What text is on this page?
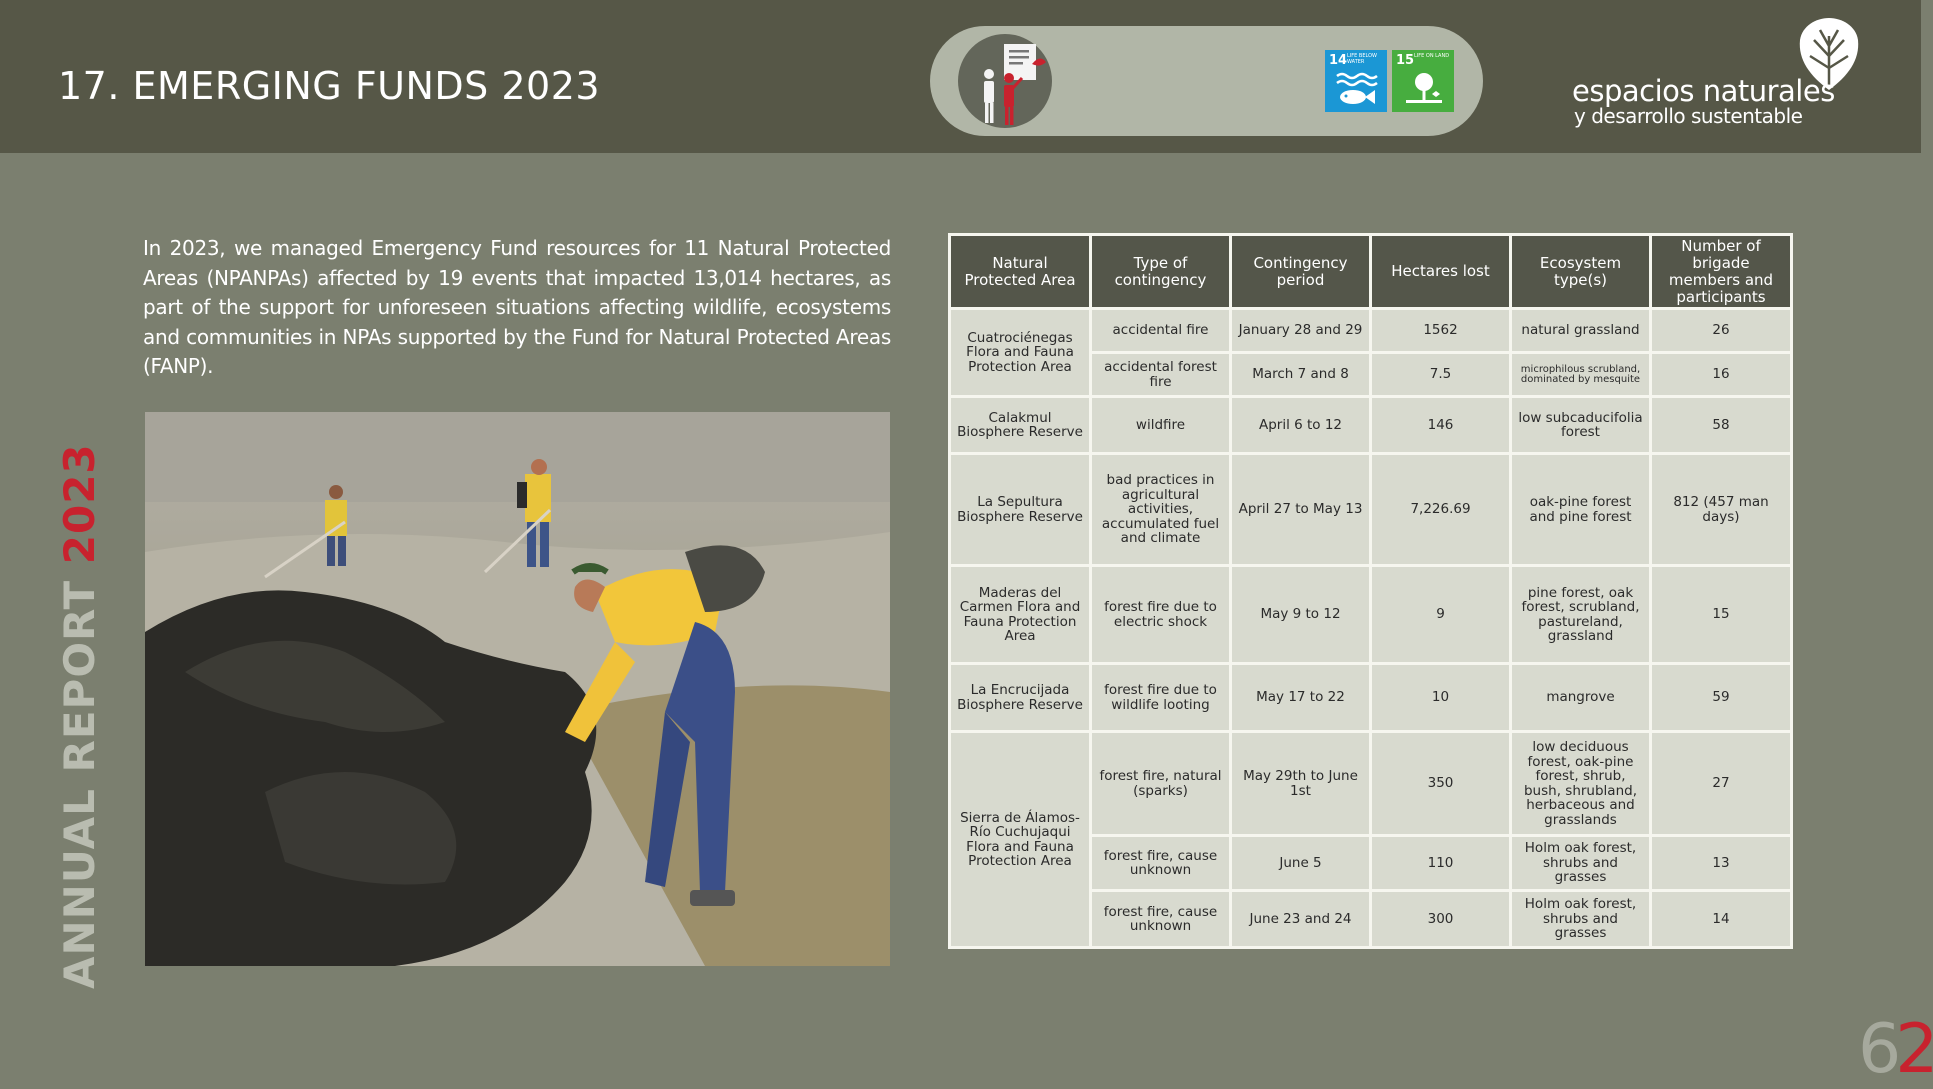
17. EMERGING FUNDS 2023
14 LIFE BELOW WATER	15 LIFE ON LAND
espacios naturales
y desarrollo sustentable

In 2023, we managed Emergency Fund resources for 11 Natural Protected Areas (NPANPAs) affected by 19 events that impacted 13,014 hectares, as part of the support for unforeseen situations affecting wildlife, ecosystems and communities in NPAs supported by the Fund for Natural Protected Areas (FANP).

ANNUAL REPORT 2023
62
Natural Protected Area	Type of contingency	Contingency period	Hectares lost	Ecosystem type(s)	Number of brigade members and participants
Cuatrociénegas Flora and Fauna Protection Area	accidental fire	January 28 and 29	1562	natural grassland	26
	accidental forest fire	March 7 and 8	7.5	microphilous scrubland, dominated by mesquite	16
Calakmul Biosphere Reserve	wildfire	April 6 to 12	146	low subcaducifolia forest	58
La Sepultura Biosphere Reserve	bad practices in agricultural activities, accumulated fuel and climate	April 27 to May 13	7,226.69	oak-pine forest and pine forest	812 (457 man days)
Maderas del Carmen Flora and Fauna Protection Area	forest fire due to electric shock	May 9 to 12	9	pine forest, oak forest, scrubland, pastureland, grassland	15
La Encrucijada Biosphere Reserve	forest fire due to wildlife looting	May 17 to 22	10	mangrove	59
Sierra de Álamos-Río Cuchujaqui Flora and Fauna Protection Area	forest fire, natural (sparks)	May 29th to June 1st	350	low deciduous forest, oak-pine forest, shrub, bush, shrubland, herbaceous and grasslands	27
	forest fire, cause unknown	June 5	110	Holm oak forest, shrubs and grasses	13
	forest fire, cause unknown	June 23 and 24	300	Holm oak forest, shrubs and grasses	14
